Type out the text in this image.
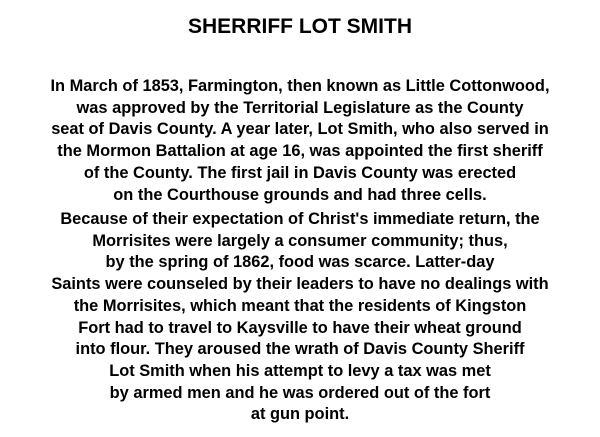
SHERRIFF LOT SMITH
In March of 1853, Farmington, then known as Little Cottonwood,
was approved by the Territorial Legislature as the County
seat of Davis County. A year later, Lot Smith, who also served in
the Mormon Battalion at age 16, was appointed the first sheriff
of the County. The first jail in Davis County was erected
on the Courthouse grounds and had three cells.
Because of their expectation of Christ's immediate return, the
Morrisites were largely a consumer community; thus,
by the spring of 1862, food was scarce. Latter-day
Saints were counseled by their leaders to have no dealings with
the Morrisites, which meant that the residents of Kingston
Fort had to travel to Kaysville to have their wheat ground
into flour. They aroused the wrath of Davis County Sheriff
Lot Smith when his attempt to levy a tax was met
by armed men and he was ordered out of the fort
at gun point.
